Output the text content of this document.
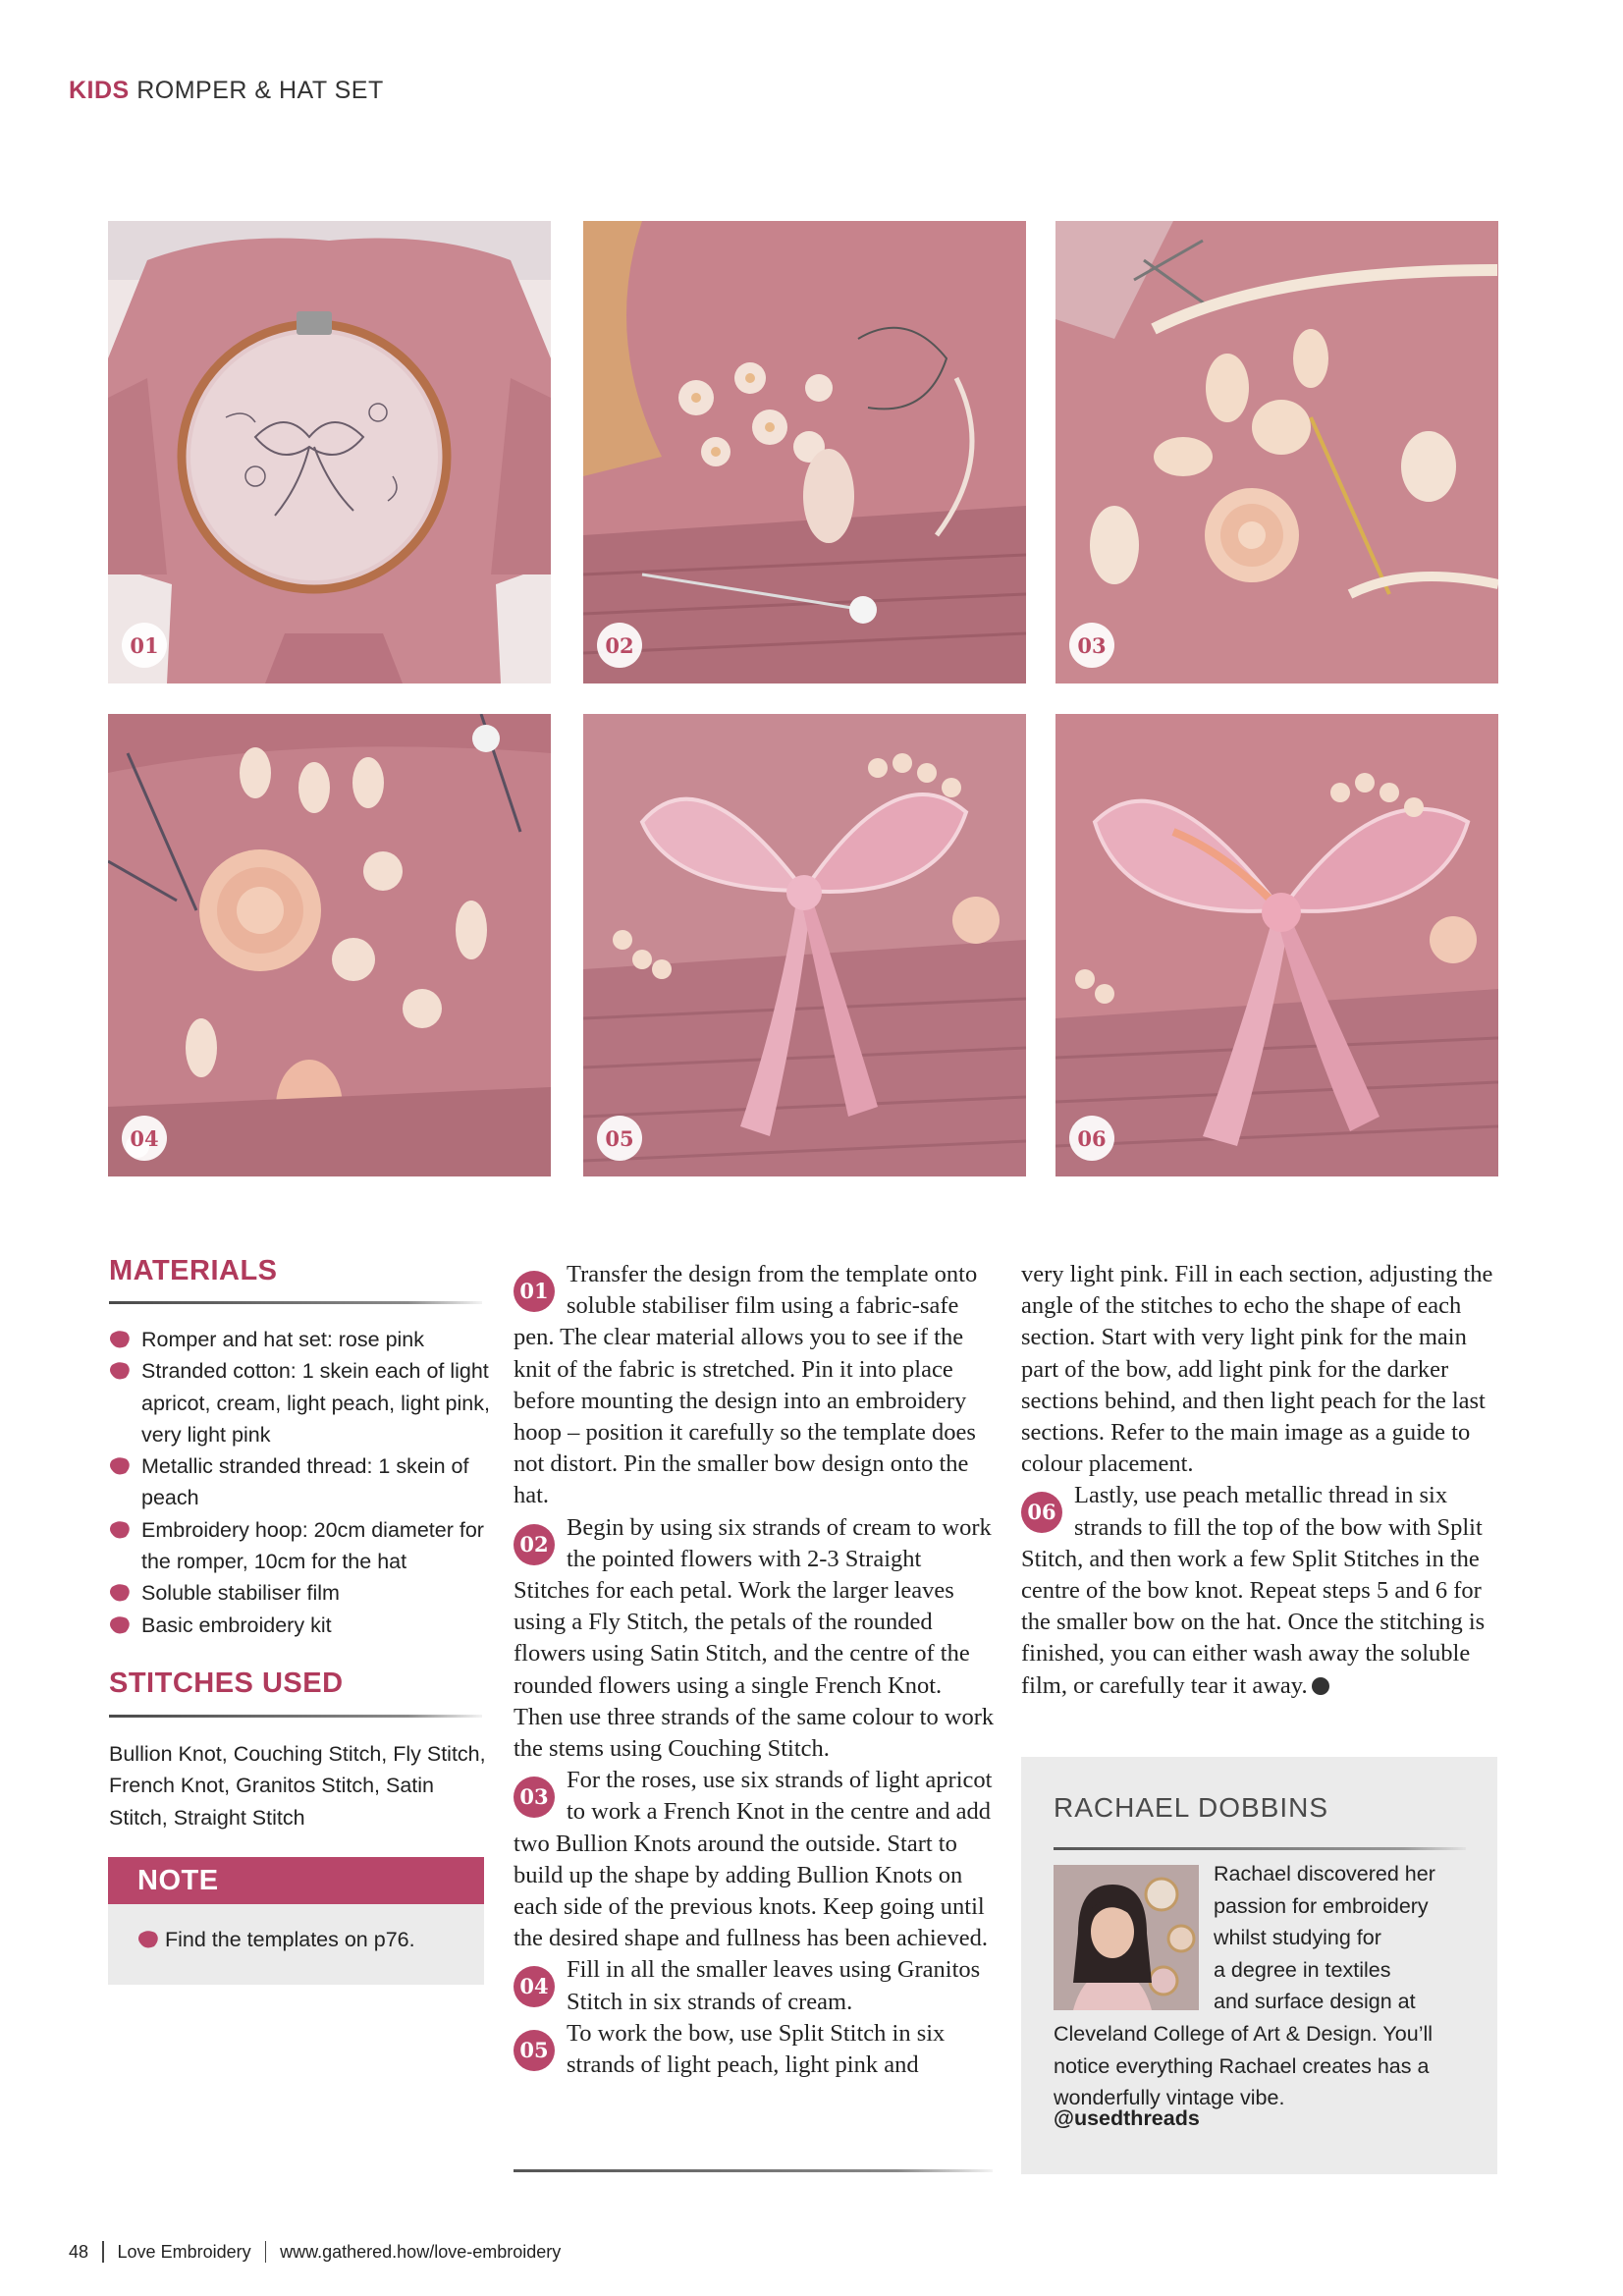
KIDS ROMPER & HAT SET
01	02	03
04	05	06
MATERIALS
Romper and hat set: rose pink
Stranded cotton: 1 skein each of light apricot, cream, light peach, light pink, very light pink
Metallic stranded thread: 1 skein of peach
Embroidery hoop: 20cm diameter for the romper, 10cm for the hat
Soluble stabiliser film
Basic embroidery kit
STITCHES USED
Bullion Knot, Couching Stitch, Fly Stitch, French Knot, Granitos Stitch, Satin Stitch, Straight Stitch
NOTE
Find the templates on p76.

01
Transfer the design from the template onto soluble stabiliser film using a fabric-safe pen. The clear material allows you to see if the knit of the fabric is stretched. Pin it into place before mounting the design into an embroidery hoop – position it carefully so the template does not distort. Pin the smaller bow design onto the hat.

02
Begin by using six strands of cream to work the pointed flowers with 2-3 Straight Stitches for each petal. Work the larger leaves using a Fly Stitch, the petals of the rounded flowers using Satin Stitch, and the centre of the rounded flowers using a single French Knot. Then use three strands of the same colour to work the stems using Couching Stitch.

03
For the roses, use six strands of light apricot to work a French Knot in the centre and add two Bullion Knots around the outside. Start to build up the shape by adding Bullion Knots on each side of the previous knots. Keep going until the desired shape and fullness has been achieved.

04
Fill in all the smaller leaves using Granitos Stitch in six strands of cream.

05
To work the bow, use Split Stitch in six strands of light peach, light pink and

very light pink. Fill in each section, adjusting the angle of the stitches to echo the shape of each section. Start with very light pink for the main part of the bow, add light pink for the darker sections behind, and then light peach for the last sections. Refer to the main image as a guide to colour placement.

06
Lastly, use peach metallic thread in six strands to fill the top of the bow with Split Stitch, and then work a few Split Stitches in the centre of the bow knot. Repeat steps 5 and 6 for the smaller bow on the hat. Once the stitching is finished, you can either wash away the soluble film, or carefully tear it away.

RACHAEL DOBBINS
Rachael discovered her
passion for embroidery
whilst studying for
a degree in textiles
and surface design at
Cleveland College of Art & Design. You’ll
notice everything Rachael creates has a
wonderfully vintage vibe.
@usedthreads
48 Love Embroidery www.gathered.how/love-embroidery
